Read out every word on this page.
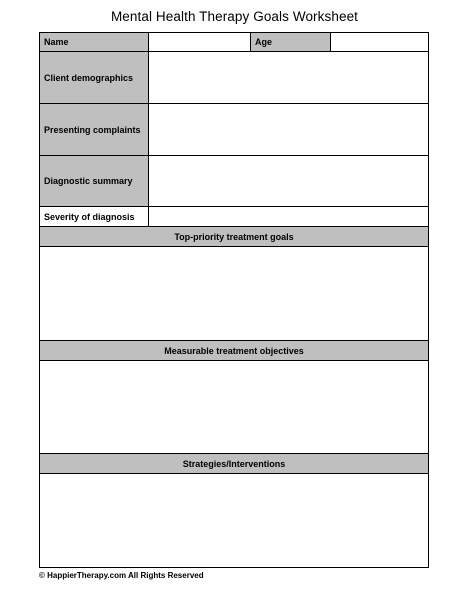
Mental Health Therapy Goals Worksheet
Name	Age
Client demographics
Presenting complaints
Diagnostic summary
Severity of diagnosis
Top-priority treatment goals
Measurable treatment objectives
Strategies/Interventions
© HappierTherapy.com All Rights Reserved
